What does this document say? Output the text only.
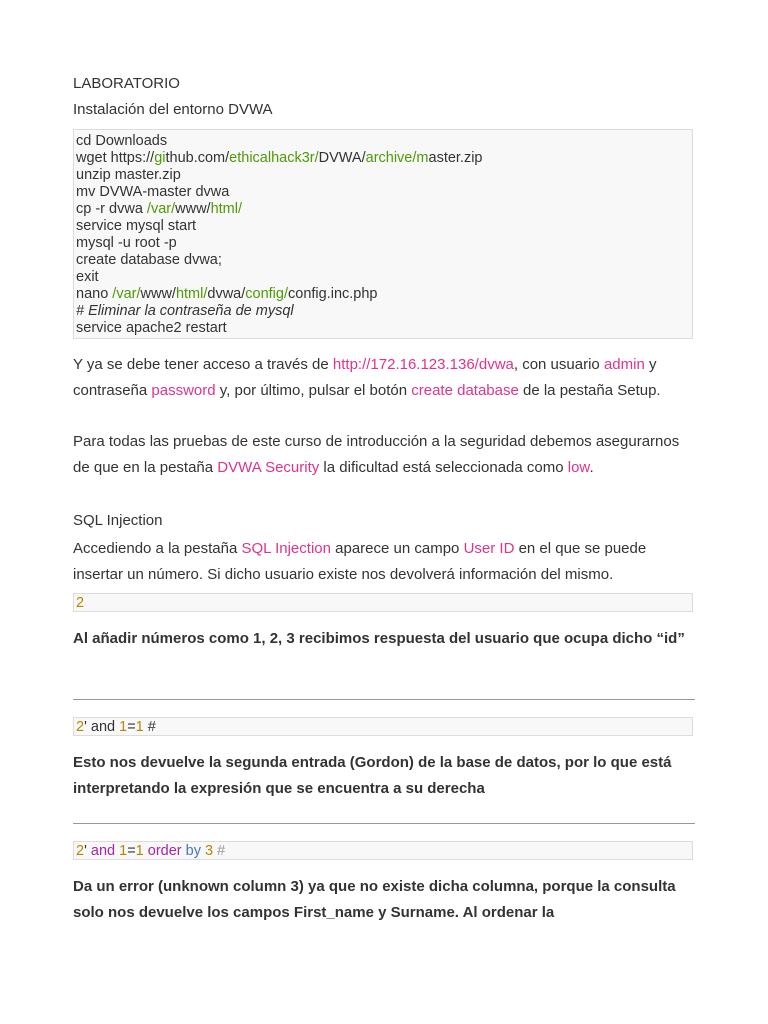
LABORATORIO
Instalación del entorno DVWA
cd Downloads
wget https://github.com/ethicalhack3r/DVWA/archive/master.zip
unzip master.zip
mv DVWA-master dvwa
cp -r dvwa /var/www/html/
service mysql start
mysql -u root -p
create database dvwa;
exit
nano /var/www/html/dvwa/config/config.inc.php
# Eliminar la contraseña de mysql
service apache2 restart
Y ya se debe tener acceso a través de http://172.16.123.136/dvwa, con usuario admin y contraseña password y, por último, pulsar el botón create database de la pestaña Setup.
Para todas las pruebas de este curso de introducción a la seguridad debemos asegurarnos de que en la pestaña DVWA Security la dificultad está seleccionada como low.
SQL Injection
Accediendo a la pestaña SQL Injection aparece un campo User ID en el que se puede insertar un número. Si dicho usuario existe nos devolverá información del mismo.
2
Al añadir números como 1, 2, 3 recibimos respuesta del usuario que ocupa dicho “id”
2' and 1=1 #
Esto nos devuelve la segunda entrada (Gordon) de la base de datos, por lo que está interpretando la expresión que se encuentra a su derecha
2' and 1=1 order by 3 #
Da un error (unknown column 3) ya que no existe dicha columna, porque la consulta solo nos devuelve los campos First_name y Surname. Al ordenar la
